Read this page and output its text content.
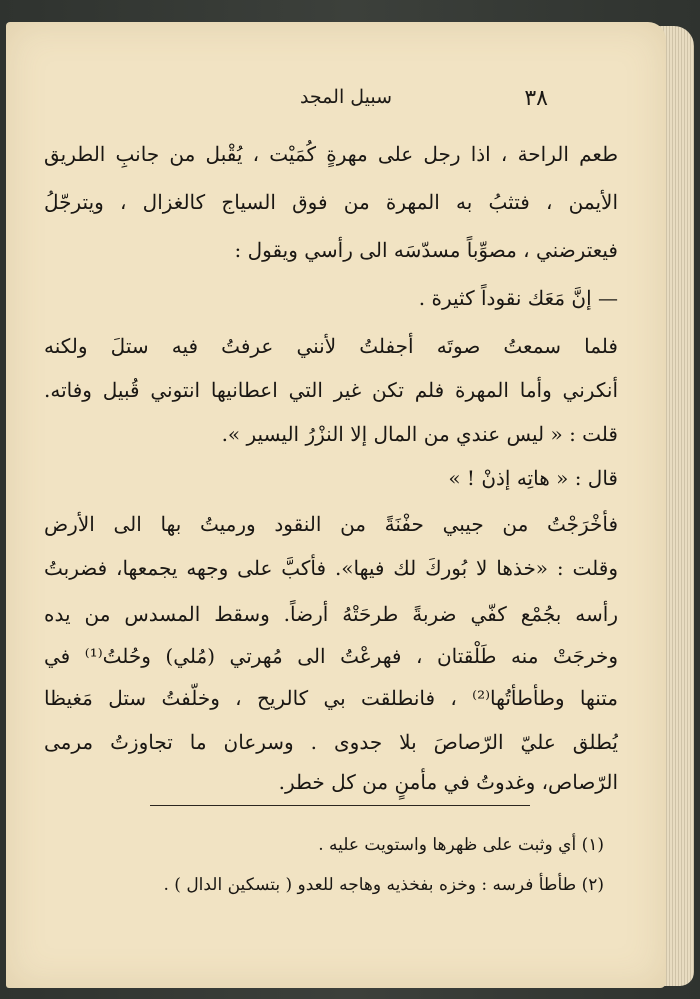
٣٨
سبيل المجد
طعم الراحة ، اذا رجل على مهرةٍ كُمَيْت ، يُقْبل من جانبِ الطريق
الأيمن ، فتثبُ به المهرة من فوق السياج كالغزال ، ويترجّلُ
فيعترضني ، مصوِّباً مسدّسَه الى رأسي ويقول :
— إنَّ مَعَك نقوداً كثيرة .
فلما سمعتُ صوتَه أجفلتُ لأنني عرفتُ فيه ستلَ ولكنه
أنكرني وأما المهرة فلم تكن غير التي اعطانيها انتوني قُبيل وفاته.
قلت : « ليس عندي من المال إلا النزْرُ اليسير ».
قال : « هاتِه إذنْ ! »
فأخْرَجْتُ من جيبي حفْنَةً من النقود ورميتُ بها الى الأرض
وقلت : «خذها لا بُوركَ لك فيها». فأكبَّ على وجهه يجمعها، فضربتُ
رأسه بجُمْع كفّي ضربةً طرحَتْهُ أرضاً. وسقط المسدس من يده
وخرجَتْ منه طَلْقتان ، فهرعْتُ الى مُهرتي (مُلي) وحُلتُ⁽¹⁾ في
متنها وطأطأتُها⁽²⁾ ، فانطلقت بي كالريح ، وخلّفتُ ستل مَغيظا
يُطلق عليّ الرّصاصَ بلا جدوى . وسرعان ما تجاوزتُ مرمى
الرّصاص، وغدوتُ في مأمنٍ من كل خطر.
(١) أي وثبت على ظهرها واستويت عليه .
(٢) طأطأ فرسه : وخزه بفخذيه وهاجه للعدو ( بتسكين الدال ) .
